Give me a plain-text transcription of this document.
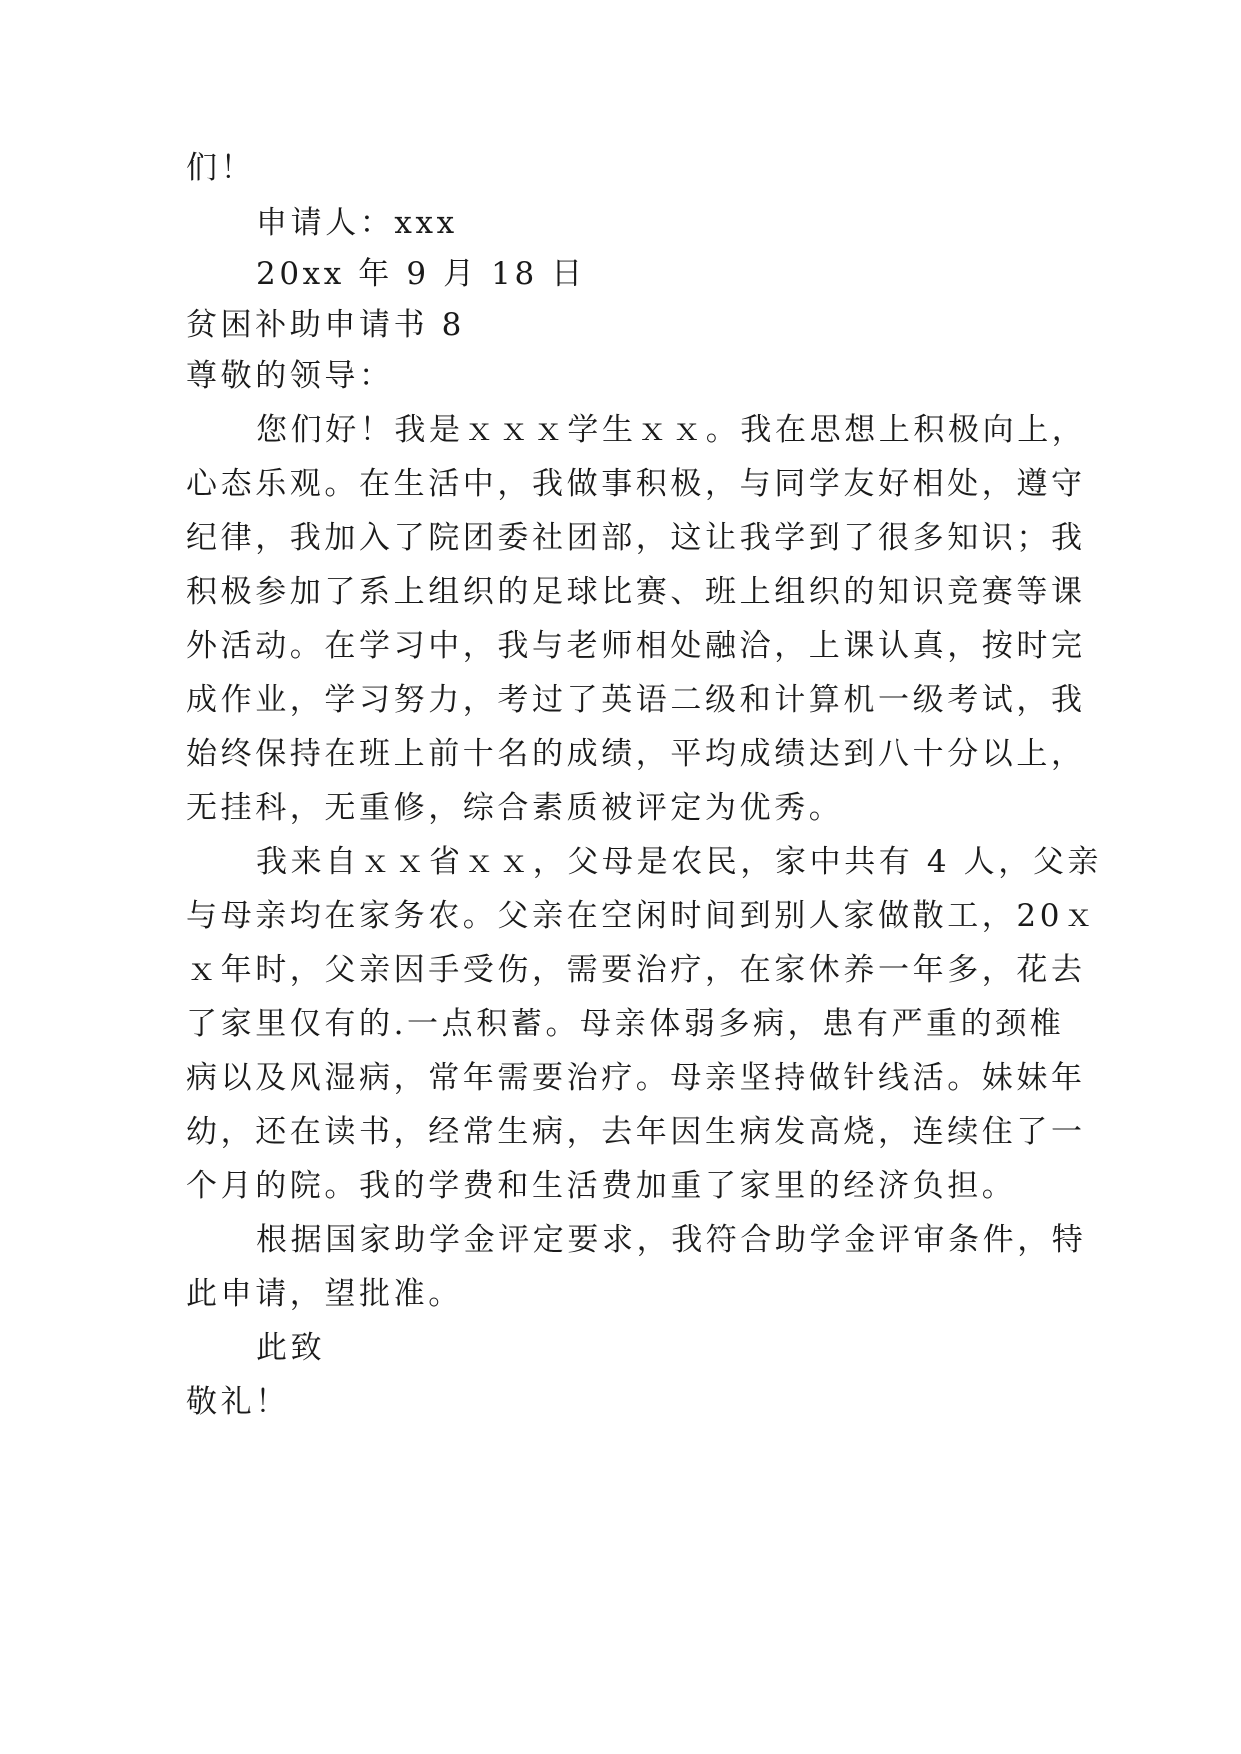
们！
申请人：xxx
20xx 年 9 月 18 日
贫困补助申请书 8
尊敬的领导：
您们好！我是ｘｘｘ学生ｘｘ。我在思想上积极向上，
心态乐观。在生活中，我做事积极，与同学友好相处，遵守
纪律，我加入了院团委社团部，这让我学到了很多知识；我
积极参加了系上组织的足球比赛、班上组织的知识竞赛等课
外活动。在学习中，我与老师相处融洽，上课认真，按时完
成作业，学习努力，考过了英语二级和计算机一级考试，我
始终保持在班上前十名的成绩，平均成绩达到八十分以上，
无挂科，无重修，综合素质被评定为优秀。
我来自ｘｘ省ｘｘ，父母是农民，家中共有 4 人，父亲
与母亲均在家务农。父亲在空闲时间到别人家做散工，20ｘ
ｘ年时，父亲因手受伤，需要治疗，在家休养一年多，花去
了家里仅有的.一点积蓄。母亲体弱多病，患有严重的颈椎
病以及风湿病，常年需要治疗。母亲坚持做针线活。妹妹年
幼，还在读书，经常生病，去年因生病发高烧，连续住了一
个月的院。我的学费和生活费加重了家里的经济负担。
根据国家助学金评定要求，我符合助学金评审条件，特
此申请，望批准。
此致
敬礼！
